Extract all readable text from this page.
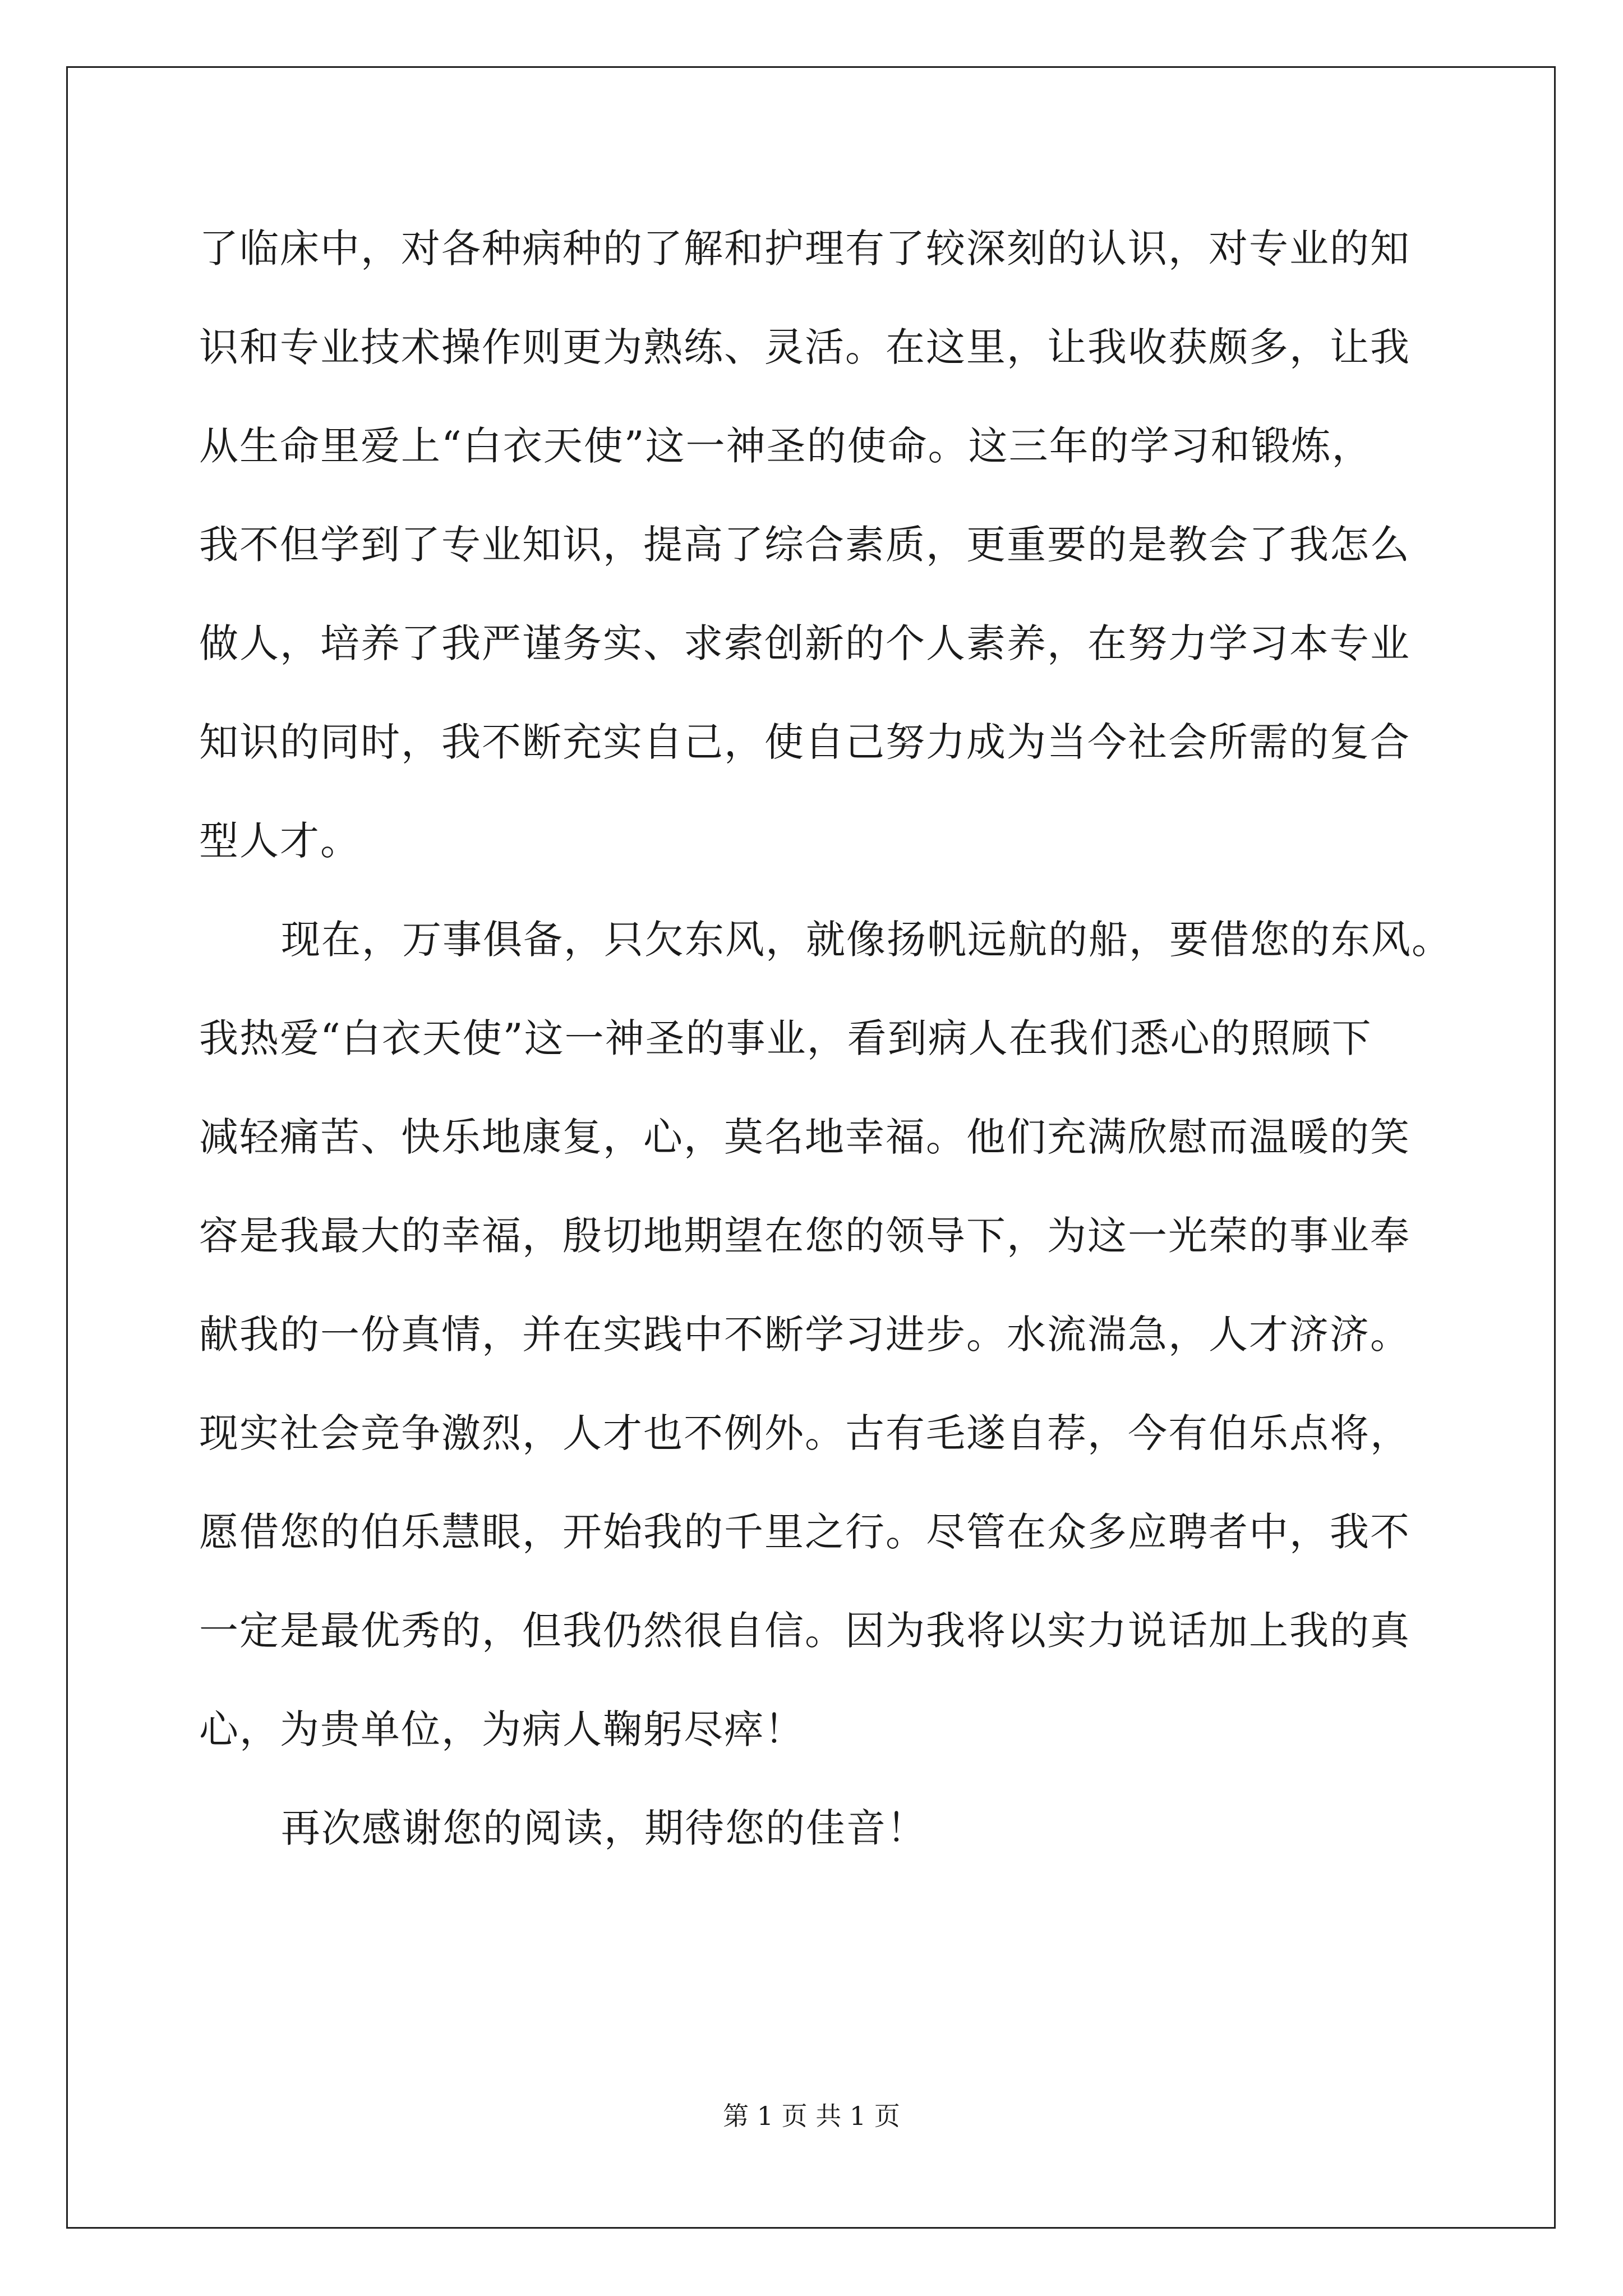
了临床中，对各种病种的了解和护理有了较深刻的认识，对专业的知
识和专业技术操作则更为熟练、灵活。在这里，让我收获颇多，让我
从生命里爱上“白衣天使”这一神圣的使命。这三年的学习和锻炼，
我不但学到了专业知识，提高了综合素质，更重要的是教会了我怎么
做人，培养了我严谨务实、求索创新的个人素养，在努力学习本专业
知识的同时，我不断充实自己，使自己努力成为当今社会所需的复合
型人才。
现在，万事俱备，只欠东风，就像扬帆远航的船，要借您的东风。
我热爱“白衣天使”这一神圣的事业，看到病人在我们悉心的照顾下
减轻痛苦、快乐地康复，心，莫名地幸福。他们充满欣慰而温暖的笑
容是我最大的幸福，殷切地期望在您的领导下，为这一光荣的事业奉
献我的一份真情，并在实践中不断学习进步。水流湍急，人才济济。
现实社会竞争激烈，人才也不例外。古有毛遂自荐，今有伯乐点将，
愿借您的伯乐慧眼，开始我的千里之行。尽管在众多应聘者中，我不
一定是最优秀的，但我仍然很自信。因为我将以实力说话加上我的真
心，为贵单位，为病人鞠躬尽瘁！
再次感谢您的阅读，期待您的佳音！
第 1 页 共 1 页
